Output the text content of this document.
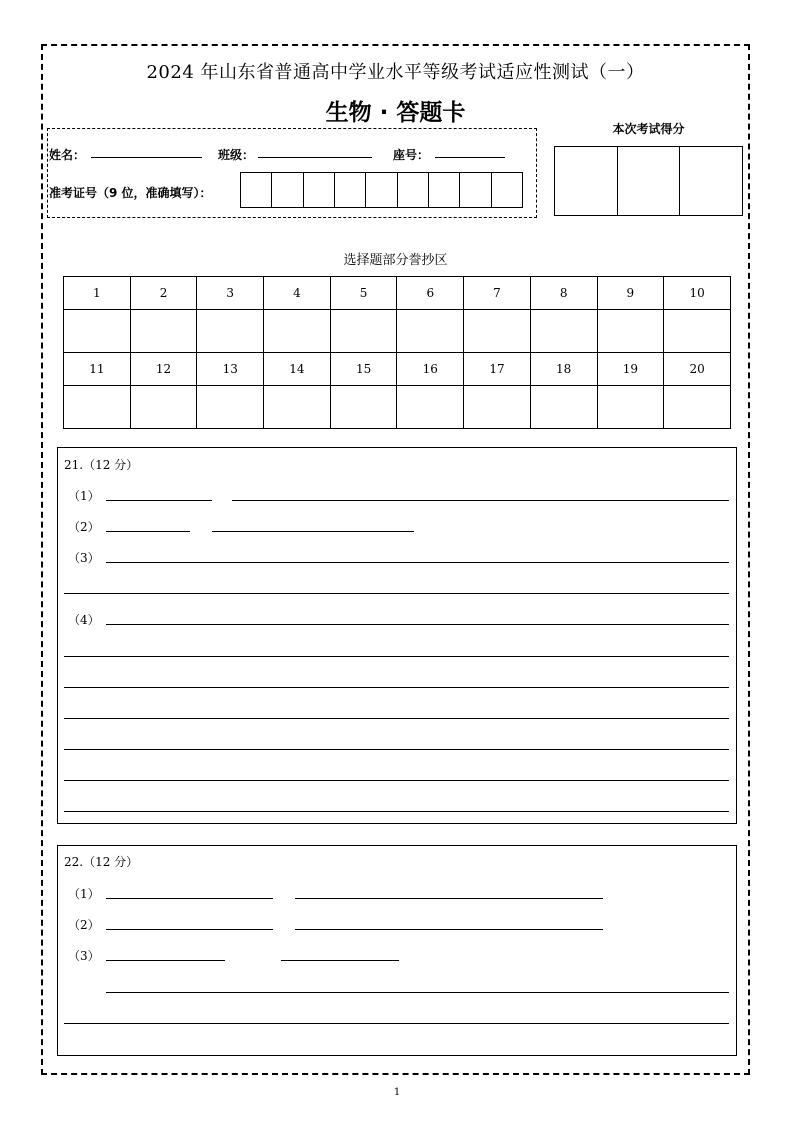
2024 年山东省普通高中学业水平等级考试适应性测试（一）
生物 · 答题卡
姓名：	班级：	座号：
准考证号（9 位，准确填写）：
本次考试得分
选择题部分誊抄区
1	2	3	4	5	6	7	8	9	10

11	12	13	14	15	16	17	18	19	20

21.（12 分）
（1）
（2）
（3）
（4）
22.（12 分）
（1）
（2）
（3）
1
